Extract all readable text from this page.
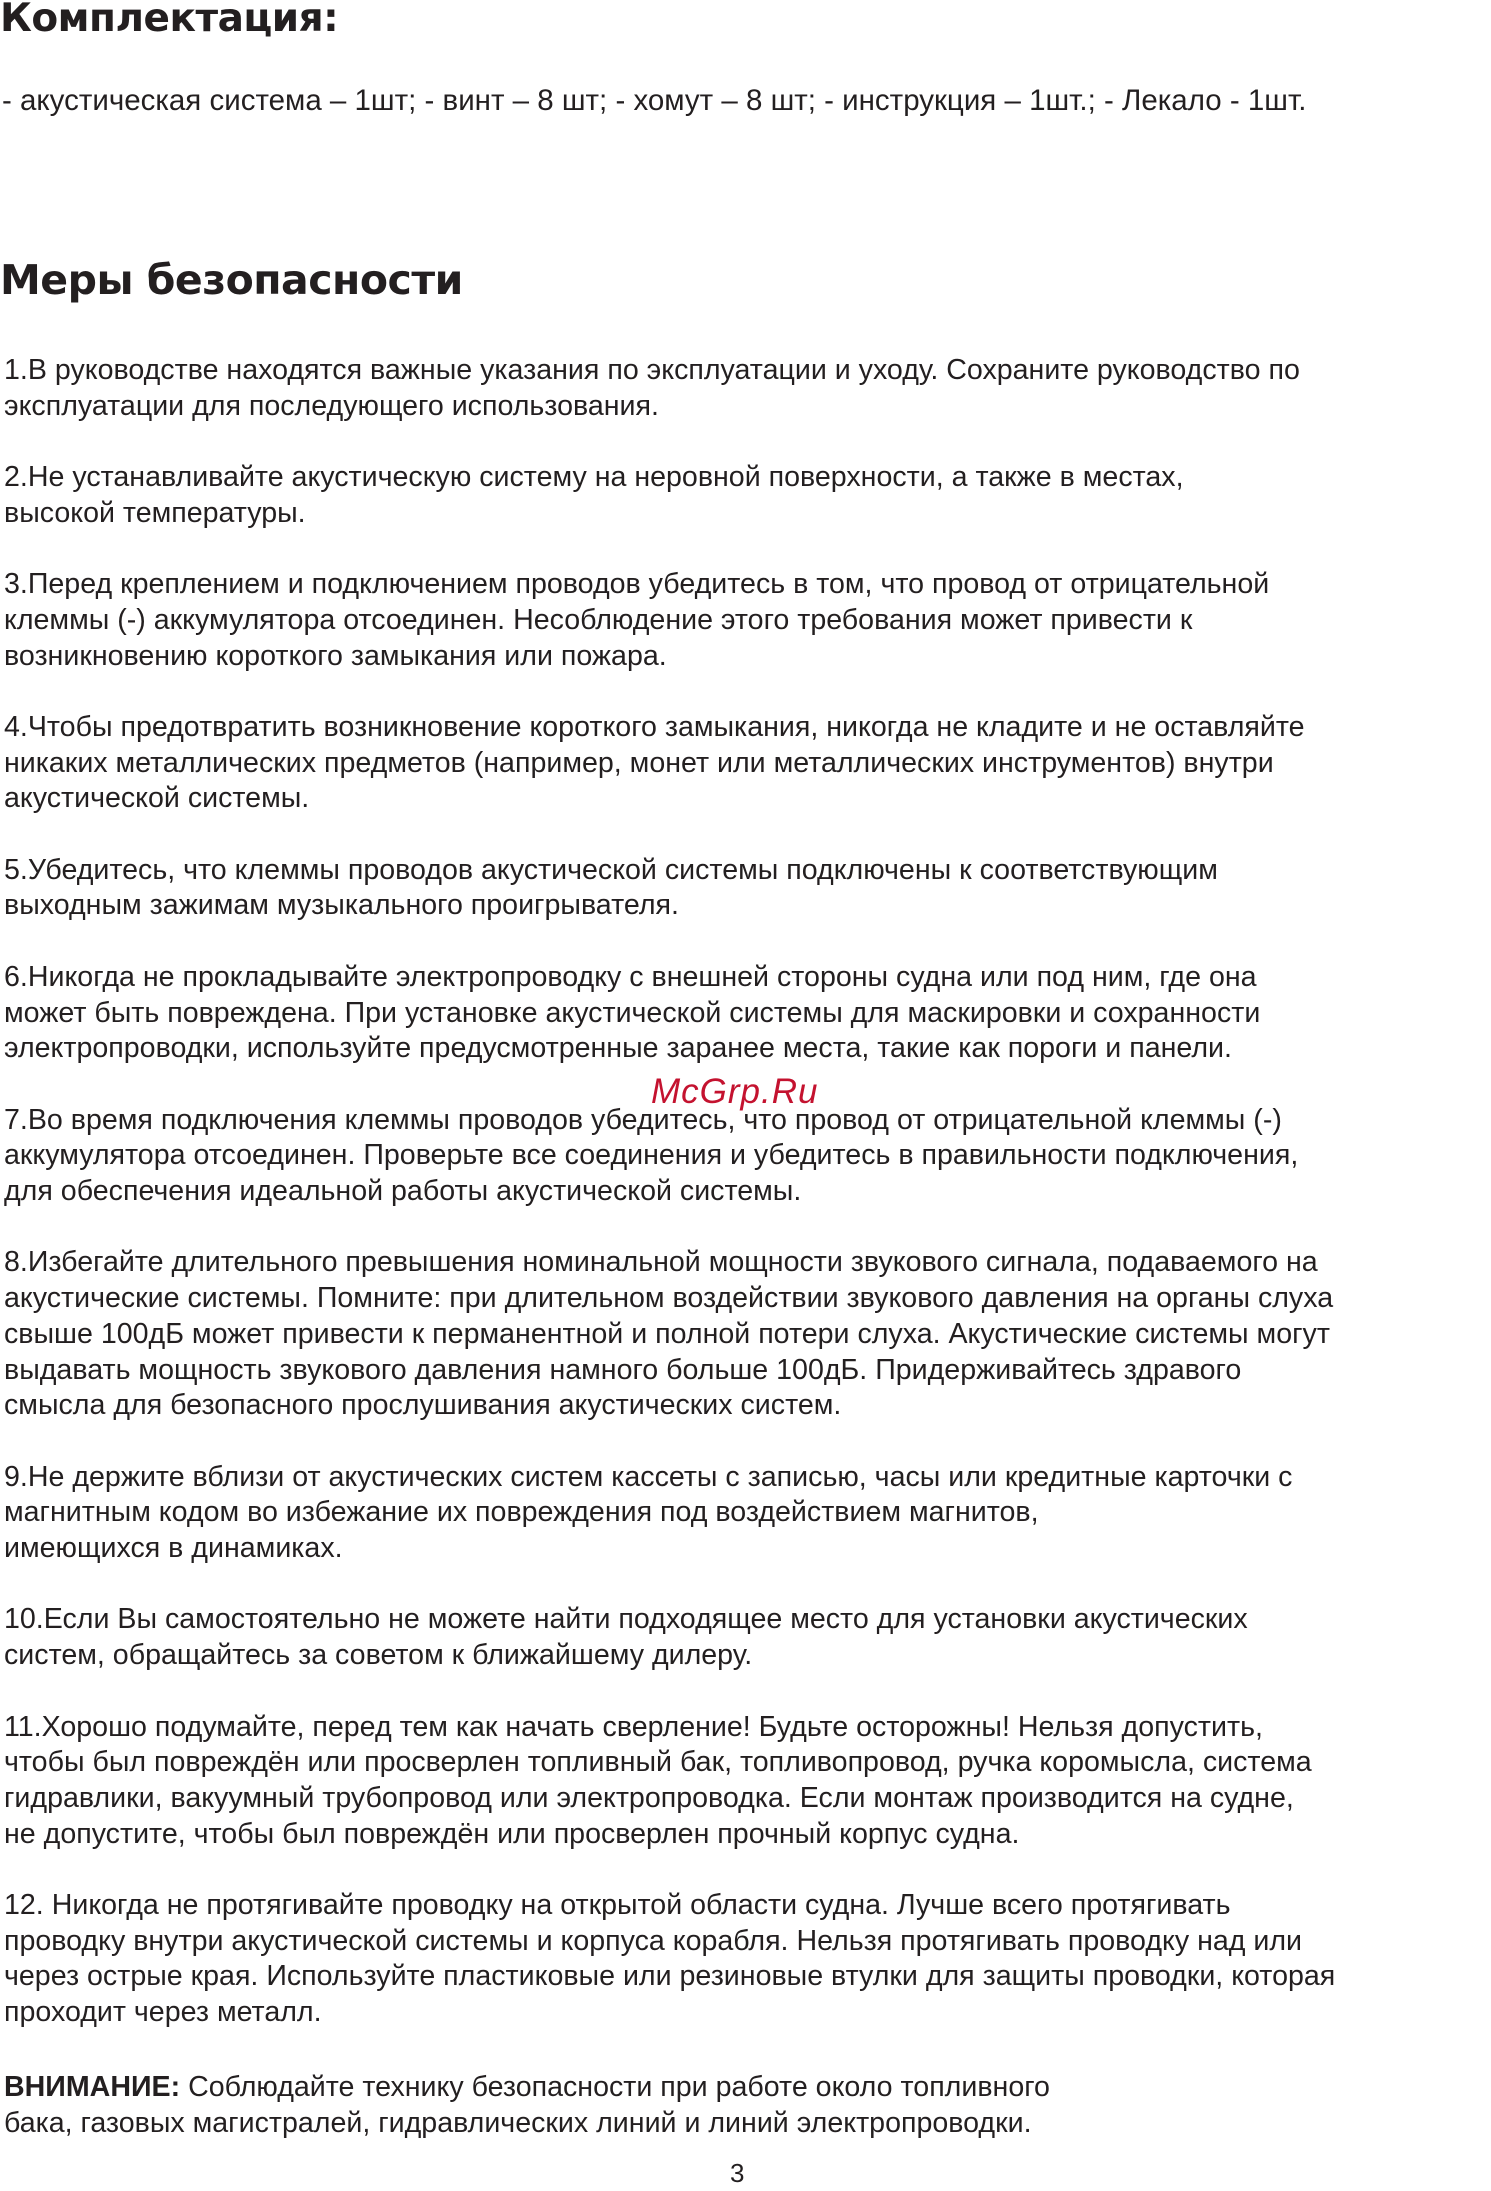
Комплектация:

- акустическая система – 1шт; - винт – 8 шт; - хомут – 8 шт; - инструкция – 1шт.; - Лекало - 1шт.

Меры безопасности
1.В руководстве находятся важные указания по эксплуатации и уходу. Сохраните руководство по
эксплуатации для последующего использования.
2.Не устанавливайте акустическую систему на неровной поверхности, а также в местах,
высокой температуры.
3.Перед креплением и подключением проводов убедитесь в том, что провод от отрицательной
клеммы (-) аккумулятора отсоединен. Несоблюдение этого требования может привести к
возникновению короткого замыкания или пожара.
4.Чтобы предотвратить возникновение короткого замыкания, никогда не кладите и не оставляйте
никаких металлических предметов (например, монет или металлических инструментов) внутри
акустической системы.
5.Убедитесь, что клеммы проводов акустической системы подключены к соответствующим
выходным зажимам музыкального проигрывателя.
6.Никогда не прокладывайте электропроводку с внешней стороны судна или под ним, где она
может быть повреждена. При установке акустической системы для маскировки и сохранности
электропроводки, используйте предусмотренные заранее места, такие как пороги и панели.
7.Во время подключения клеммы проводов убедитесь, что провод от отрицательной клеммы (-)
аккумулятора отсоединен. Проверьте все соединения и убедитесь в правильности подключения,
для обеспечения идеальной работы акустической системы.
8.Избегайте длительного превышения номинальной мощности звукового сигнала, подаваемого на
акустические системы. Помните: при длительном воздействии звукового давления на органы слуха
свыше 100дБ может привести к перманентной и полной потери слуха. Акустические системы могут
выдавать мощность звукового давления намного больше 100дБ. Придерживайтесь здравого
смысла для безопасного прослушивания акустических систем.
9.Не держите вблизи от акустических систем кассеты с записью, часы или кредитные карточки с
магнитным кодом во избежание их повреждения под воздействием магнитов,
имеющихся в динамиках.
10.Если Вы самостоятельно не можете найти подходящее место для установки акустических
систем, обращайтесь за советом к ближайшему дилеру.
11.Хорошо подумайте, перед тем как начать сверление! Будьте осторожны! Нельзя допустить,
чтобы был повреждён или просверлен топливный бак, топливопровод, ручка коромысла, система
гидравлики, вакуумный трубопровод или электропроводка. Если монтаж производится на судне,
не допустите, чтобы был повреждён или просверлен прочный корпус судна.
12. Никогда не протягивайте проводку на открытой области судна. Лучше всего протягивать
проводку внутри акустической системы и корпуса корабля. Нельзя протягивать проводку над или
через острые края. Используйте пластиковые или резиновые втулки для защиты проводки, которая
проходит через металл.

ВНИМАНИЕ: Соблюдайте технику безопасности при работе около топливного
бака, газовых магистралей, гидравлических линий и линий электропроводки.

McGrp.Ru
3
